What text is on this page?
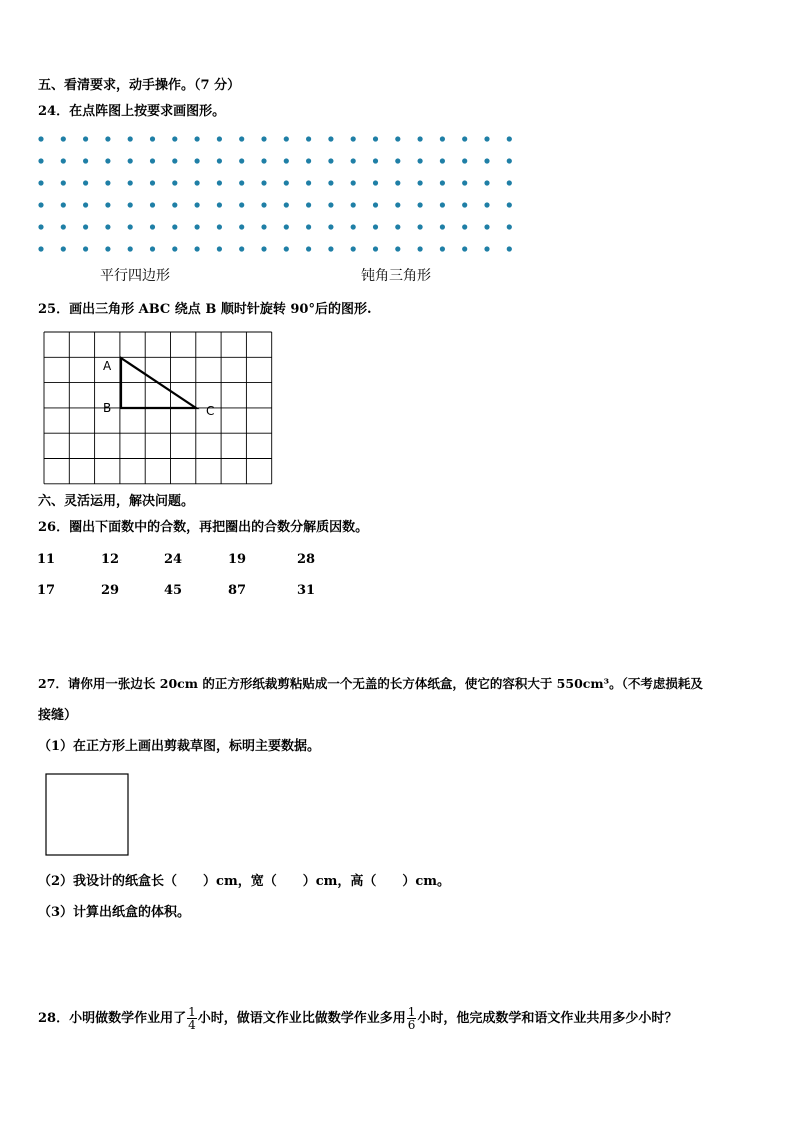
五、看清要求，动手操作。（7 分）
24．在点阵图上按要求画图形。
平行四边形	钝角三角形
25．画出三角形 ABC 绕点 B 顺时针旋转 90°后的图形.
A
B	C
六、灵活运用，解决问题。
26．圈出下面数中的合数，再把圈出的合数分解质因数。
11	12	24	19	28
17	29	45	87	31
27．请你用一张边长 20cm 的正方形纸裁剪粘贴成一个无盖的长方体纸盒，使它的容积大于 550cm³。（不考虑损耗及
接缝）
（1）在正方形上画出剪裁草图，标明主要数据。
（2）我设计的纸盒长（　　）cm，宽（　　）cm，高（　　）cm。
（3）计算出纸盒的体积。
28．小明做数学作业用了 $\frac{1}{4}$ 小时，做语文作业比做数学作业多用 $\frac{1}{6}$ 小时，他完成数学和语文作业共用多少小时？
